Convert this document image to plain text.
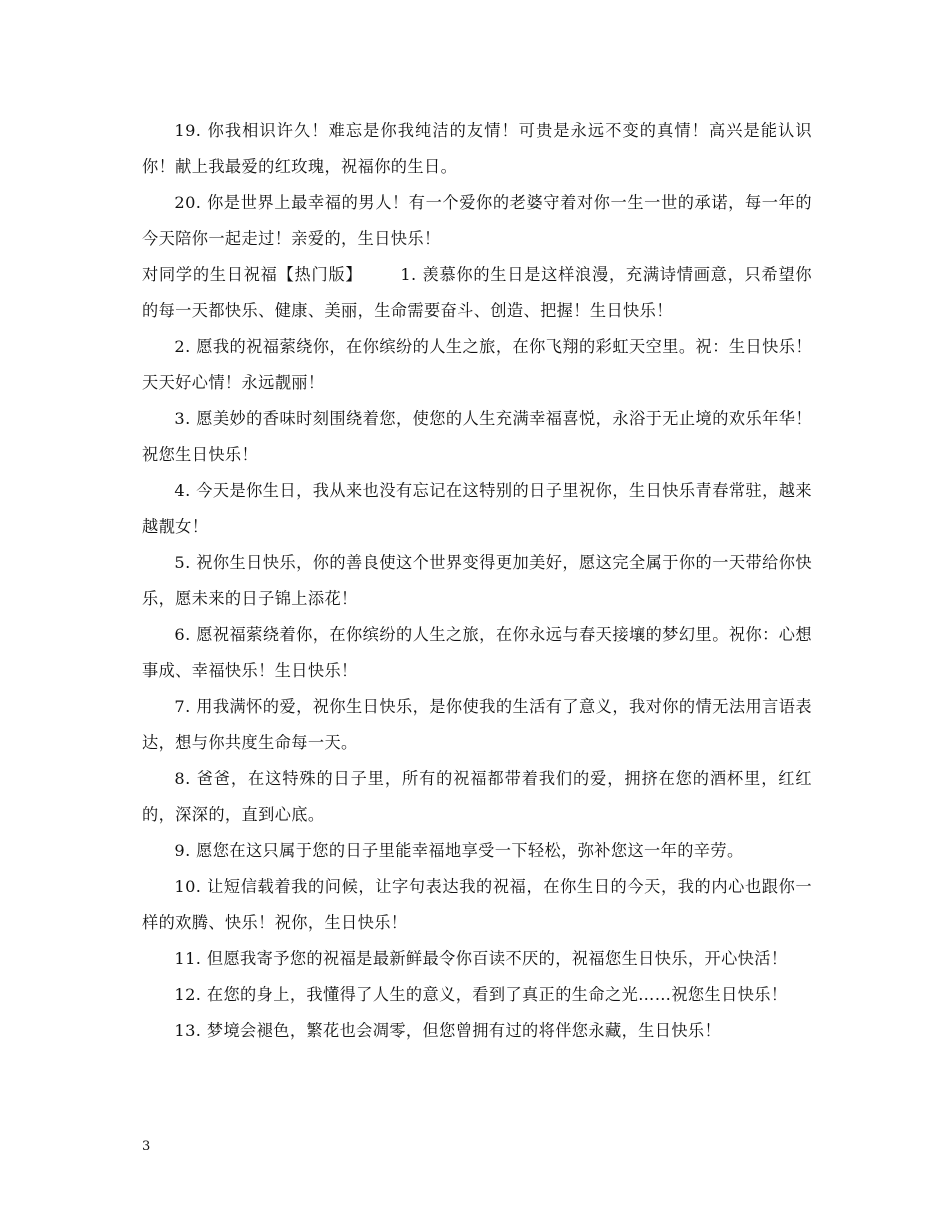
19. 你我相识许久！难忘是你我纯洁的友情！可贵是永远不变的真情！高兴是能认识你！献上我最爱的红玫瑰，祝福你的生日。

20. 你是世界上最幸福的男人！有一个爱你的老婆守着对你一生一世的承诺，每一年的今天陪你一起走过！亲爱的，生日快乐！

对同学的生日祝福【热门版】 1. 羡慕你的生日是这样浪漫，充满诗情画意，只希望你的每一天都快乐、健康、美丽，生命需要奋斗、创造、把握！生日快乐！

2. 愿我的祝福萦绕你，在你缤纷的人生之旅，在你飞翔的彩虹天空里。祝：生日快乐！天天好心情！永远靓丽！

3. 愿美妙的香味时刻围绕着您，使您的人生充满幸福喜悦，永浴于无止境的欢乐年华！祝您生日快乐！

4. 今天是你生日，我从来也没有忘记在这特别的日子里祝你，生日快乐青春常驻，越来越靓女！

5. 祝你生日快乐，你的善良使这个世界变得更加美好，愿这完全属于你的一天带给你快乐，愿未来的日子锦上添花！

6. 愿祝福萦绕着你，在你缤纷的人生之旅，在你永远与春天接壤的梦幻里。祝你：心想事成、幸福快乐！生日快乐！

7. 用我满怀的爱，祝你生日快乐，是你使我的生活有了意义，我对你的情无法用言语表达，想与你共度生命每一天。

8. 爸爸，在这特殊的日子里，所有的祝福都带着我们的爱，拥挤在您的酒杯里，红红的，深深的，直到心底。

9. 愿您在这只属于您的日子里能幸福地享受一下轻松，弥补您这一年的辛劳。

10. 让短信载着我的问候，让字句表达我的祝福，在你生日的今天，我的内心也跟你一样的欢腾、快乐！祝你，生日快乐！

11. 但愿我寄予您的祝福是最新鲜最令你百读不厌的，祝福您生日快乐，开心快活！

12. 在您的身上，我懂得了人生的意义，看到了真正的生命之光……祝您生日快乐！

13. 梦境会褪色，繁花也会凋零，但您曾拥有过的将伴您永藏，生日快乐！

3
